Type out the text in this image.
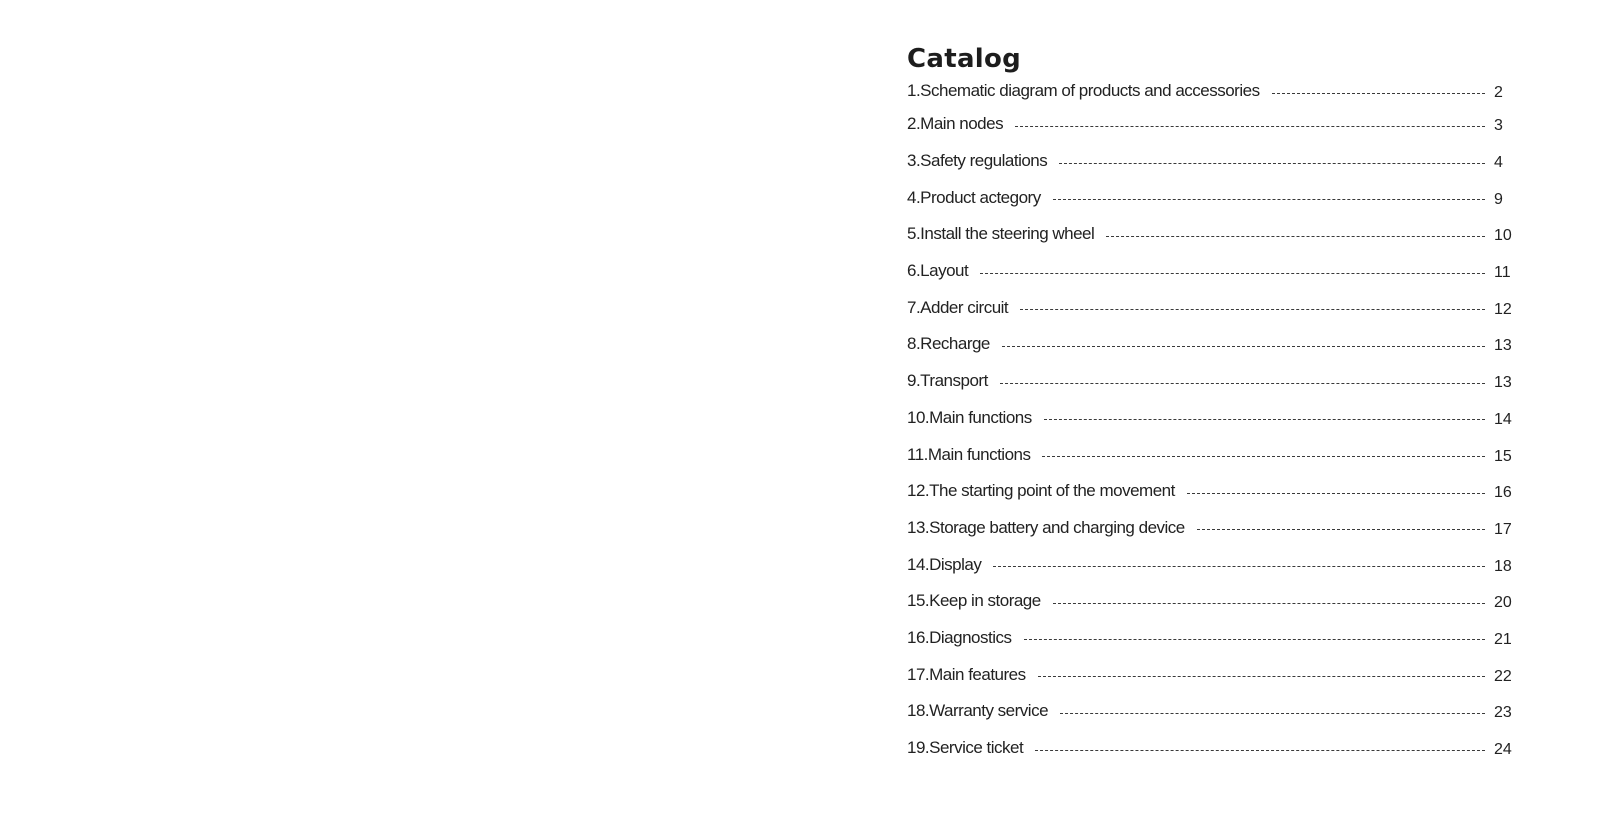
Catalog
1.Schematic diagram of products and accessories	2
2.Main nodes	3
3.Safety regulations	4
4.Product actegory	9
5.Install the steering wheel	10
6.Layout	11
7.Adder circuit	12
8.Recharge	13
9.Transport	13
10.Main functions	14
11.Main functions	15
12.The starting point of the movement	16
13.Storage battery and charging device	17
14.Display	18
15.Keep in storage	20
16.Diagnostics	21
17.Main features	22
18.Warranty service	23
19.Service ticket	24
